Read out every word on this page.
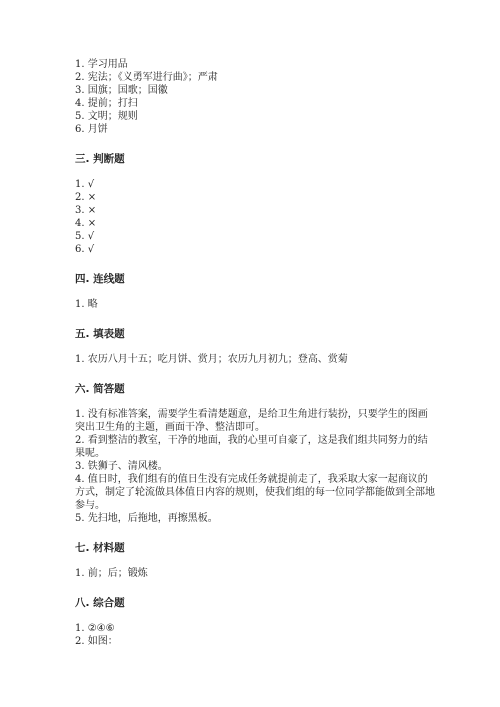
1. 学习用品
2. 宪法；《义勇军进行曲》；严肃
3. 国旗；国歌；国徽
4. 提前；打扫
5. 文明；规则
6. 月饼
三. 判断题
1. √
2. ×
3. ×
4. ×
5. √
6. √
四. 连线题
1. 略
五. 填表题
1. 农历八月十五；吃月饼、赏月；农历九月初九；登高、赏菊
六. 简答题
1. 没有标准答案，需要学生看清楚题意，是给卫生角进行装扮，只要学生的图画突出卫生角的主题，画面干净、整洁即可。
2. 看到整洁的教室，干净的地面，我的心里可自豪了，这是我们组共同努力的结果呢。
3. 铁狮子、清风楼。
4. 值日时，我们组有的值日生没有完成任务就提前走了，我采取大家一起商议的方式，制定了轮流做具体值日内容的规则，使我们组的每一位同学都能做到全部地参与。
5. 先扫地，后拖地，再擦黑板。
七. 材料题
1. 前；后；锻炼
八. 综合题
1. ②④⑥
2. 如图：
